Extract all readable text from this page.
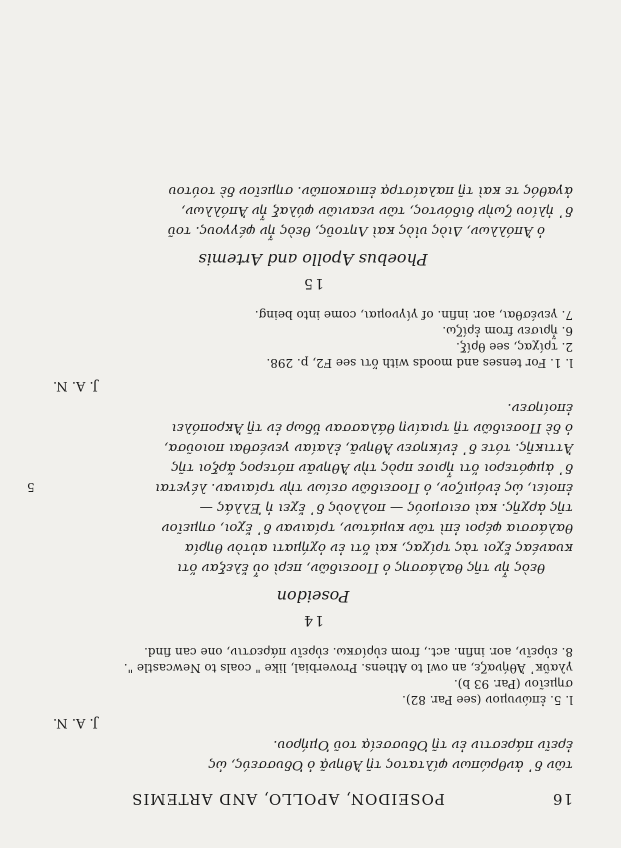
16
POSEIDON, APOLLO, AND ARTEMIS

τῶν δ᾽ ἀνθρώπων φίλτατος τῇ Ἀθηνᾷ ὁ Ὀδυσσεύς, ὡς

ἐρεῖν πάρεστιν ἐν τῇ Ὀδυσσείᾳ τοῦ Ὁμήρου.

J. A. N.

l. 5. ἐπώνυμον (see Par. 82).

σημεῖον (Par. 93 b).

γλαῦκ᾽ Ἀθήναζε, an owl to Athens. Proverbial, like " coals to Newcastle ".

8. εὑρεῖν, aor. infin. act., from εὑρίσκω. εὑρεῖν πάρεστιν, one can find.

14
Poseidon

θεὸς ἦν τῆς θαλάσσης ὁ Ποσειδῶν, περὶ οὗ ἔλεξαν ὅτι

κυανέας ἔχοι τὰς τρίχας, καὶ ὅτι ἐν ὀχήματι αὐτὸν θηρία

θαλάσσια φέροι ἐπὶ τῶν κυμάτων, τρίαιναν δ᾽ ἔχοι, σημεῖον

τῆς ἀρχῆς. καὶ σεισμούς — πολλοὺς δ᾽ ἔχει ἡ Ἑλλάς —

ἐποίει, ὡς ἐνόμιζον, ὁ Ποσειδῶν σείων τὴν τρίαιναν. λέγεται
5

δ᾽ ἀμφότεροι ὅτι ἦρισε πρὸς τὴν Ἀθηνᾶν πότερος ἄρξοι τῆς

Ἀττικῆς. τότε δ᾽ ἐνίκησεν Ἀθηνᾶ, ἐλαίαν γενέσθαι ποιοῦσα,

ὁ δὲ Ποσειδῶν τῇ τριαίνῃ θάλασσαν ὕδωρ ἐν τῇ Ἀκροπόλει

ἐποίησεν.

J. A. N.

l. 1. For tenses and moods with ὅτι see F2, p. 298.

2. τρίχας, see θρίξ.

6. ἦρισεν from ἐρίζω.

7. γενέσθαι, aor. infin. of γίγνομαι, come into being.

15
Phoebus Apollo and Artemis

ὁ Ἀπόλλων, Διὸς υἱὸς καὶ Λητοῦς, θεὸς ἦν φέγγους. τοῦ

δ᾽ ἡλίου ζωὴν διδόντος, τῶν νεανιῶν φύλαξ ἦν Ἀπόλλων,

ἀγαθός τε καὶ τῇ παλαίστρᾳ ἐπισκοπῶν. σημεῖον δὲ τούτου
